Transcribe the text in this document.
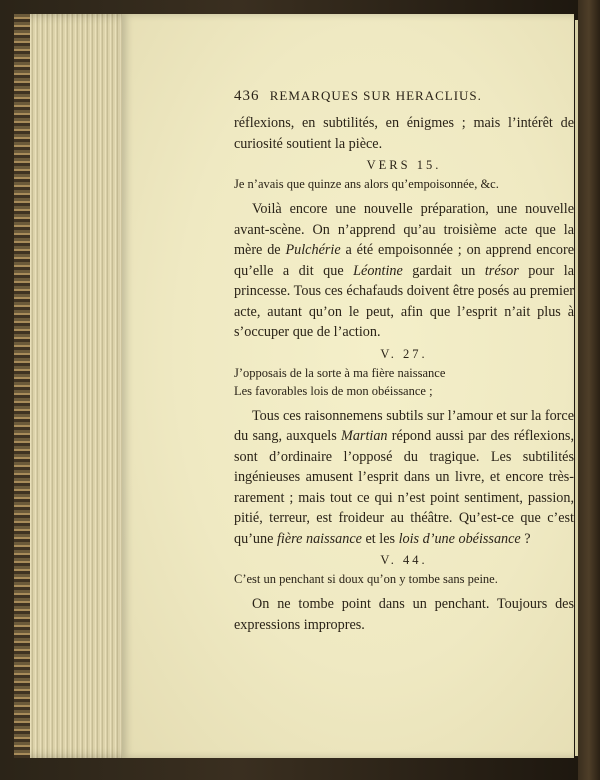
436 REMARQUES SUR HERACLIUS.

réflexions, en subtilités, en énigmes ; mais l’intérêt de curiosité soutient la pièce.

VERS 15.

Je n’avais que quinze ans alors qu’empoisonnée, &c.

Voilà encore une nouvelle préparation, une nouvelle avant-scène. On n’apprend qu’au troisième acte que la mère de Pulchérie a été empoisonnée ; on apprend encore qu’elle a dit que Léontine gardait un trésor pour la princesse. Tous ces échafauds doivent être posés au premier acte, autant qu’on le peut, afin que l’esprit n’ait plus à s’occuper que de l’action.

V. 27.

J’opposais de la sorte à ma fière naissance

Les favorables lois de mon obéissance ;

Tous ces raisonnemens subtils sur l’amour et sur la force du sang, auxquels Martian répond aussi par des réflexions, sont d’ordinaire l’opposé du tragique. Les subtilités ingénieuses amusent l’esprit dans un livre, et encore très-rarement ; mais tout ce qui n’est point sentiment, passion, pitié, terreur, est froideur au théâtre. Qu’est-ce que c’est qu’une fière naissance et les lois d’une obéissance ?

V. 44.

C’est un penchant si doux qu’on y tombe sans peine.

On ne tombe point dans un penchant. Toujours des expressions impropres.
